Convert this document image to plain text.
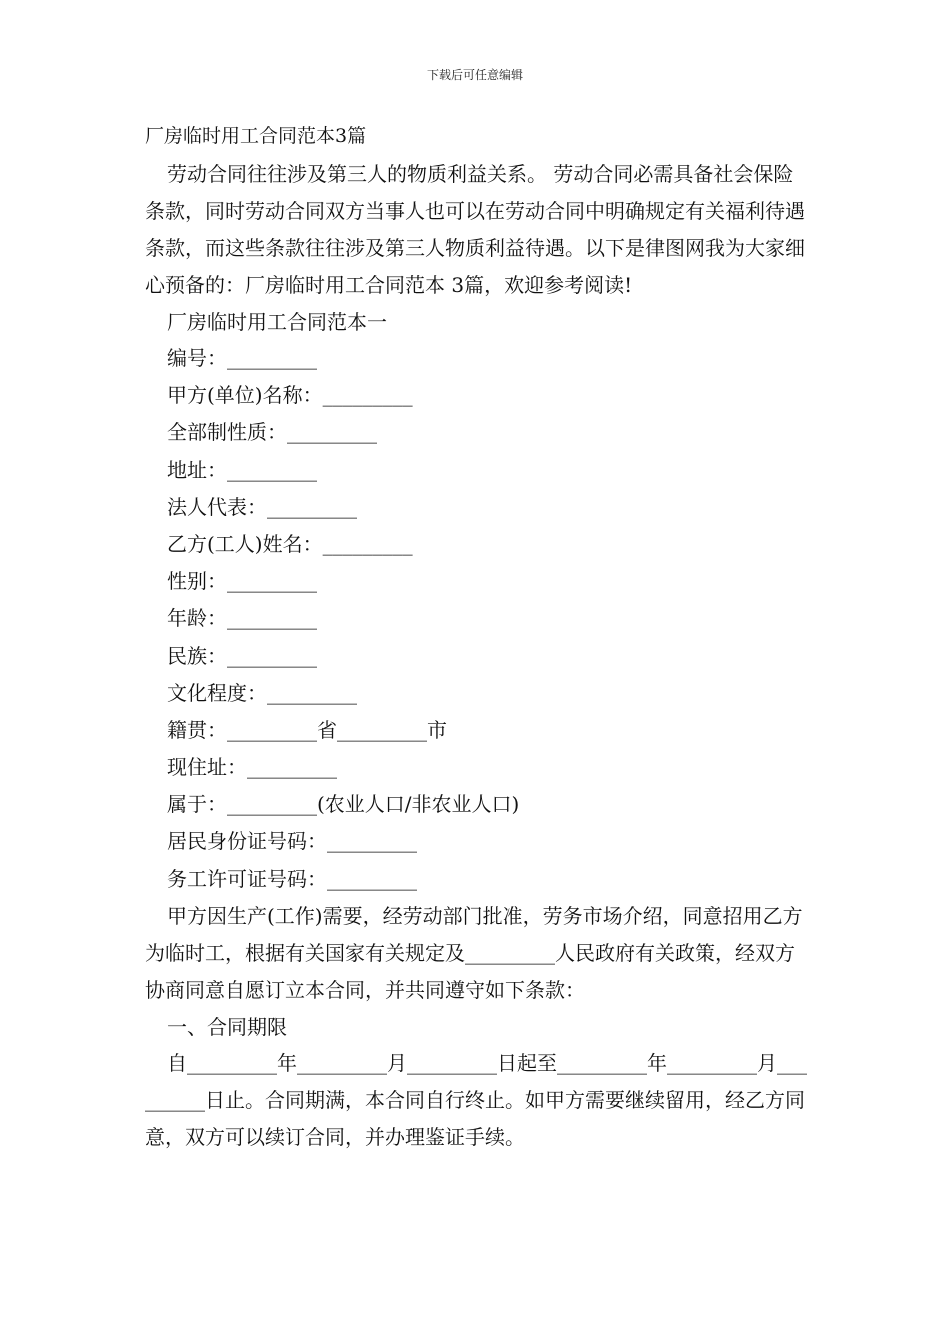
下载后可任意编辑
厂房临时用工合同范本3篇

劳动合同往往涉及第三人的物质利益关系。 劳动合同必需具备社会保险条款，同时劳动合同双方当事人也可以在劳动合同中明确规定有关福利待遇条款，而这些条款往往涉及第三人物质利益待遇。以下是律图网我为大家细心预备的：厂房临时用工合同范本 3篇，欢迎参考阅读!

厂房临时用工合同范本一
编号：_________
甲方(单位)名称：_________
全部制性质：_________
地址：_________
法人代表：_________
乙方(工人)姓名：_________
性别：_________
年龄：_________
民族：_________
文化程度：_________
籍贯：_________省_________市
现住址：_________
属于：_________(农业人口/非农业人口)
居民身份证号码：_________
务工许可证号码：_________

甲方因生产(工作)需要，经劳动部门批准，劳务市场介绍，同意招用乙方为临时工，根据有关国家有关规定及_________人民政府有关政策，经双方协商同意自愿订立本合同，并共同遵守如下条款：

一、合同期限

自_________年_________月_________日起至_________年_________月_________日止。合同期满，本合同自行终止。如甲方需要继续留用，经乙方同意，双方可以续订合同，并办理鉴证手续。
